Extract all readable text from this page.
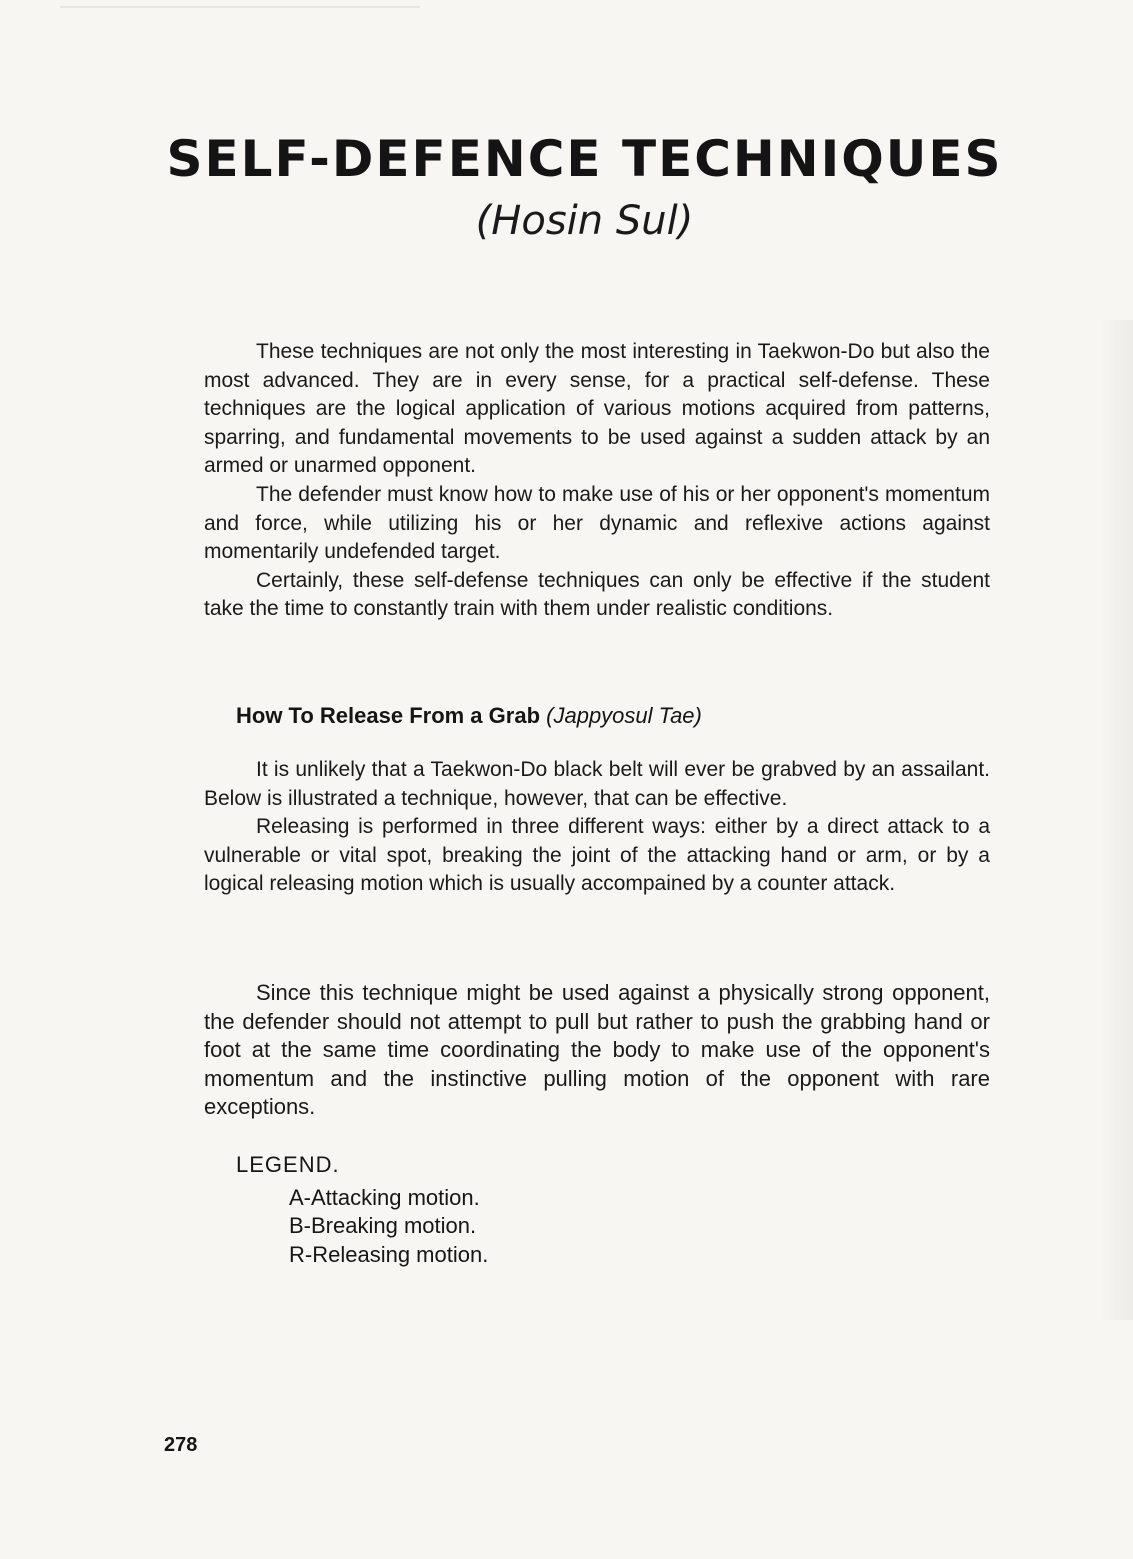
SELF-DEFENCE TECHNIQUES
(Hosin Sul)

These techniques are not only the most interesting in Taekwon-Do but also the most advanced. They are in every sense, for a practical self-defense. These techniques are the logical application of various motions acquired from patterns, sparring, and fundamental movements to be used against a sudden attack by an armed or unarmed opponent.

The defender must know how to make use of his or her opponent's momentum and force, while utilizing his or her dynamic and reflexive actions against momentarily undefended target.

Certainly, these self-defense techniques can only be effective if the student take the time to constantly train with them under realistic conditions.

How To Release From a Grab (Jappyosul Tae)

It is unlikely that a Taekwon-Do black belt will ever be grabved by an assailant. Below is illustrated a technique, however, that can be effective.

Releasing is performed in three different ways: either by a direct attack to a vulnerable or vital spot, breaking the joint of the attacking hand or arm, or by a logical releasing motion which is usually accompained by a counter attack.

Since this technique might be used against a physically strong opponent, the defender should not attempt to pull but rather to push the grabbing hand or foot at the same time coordinating the body to make use of the opponent's momentum and the instinctive pulling motion of the opponent with rare exceptions.

LEGEND.
A-Attacking motion.
B-Breaking motion.
R-Releasing motion.
278
